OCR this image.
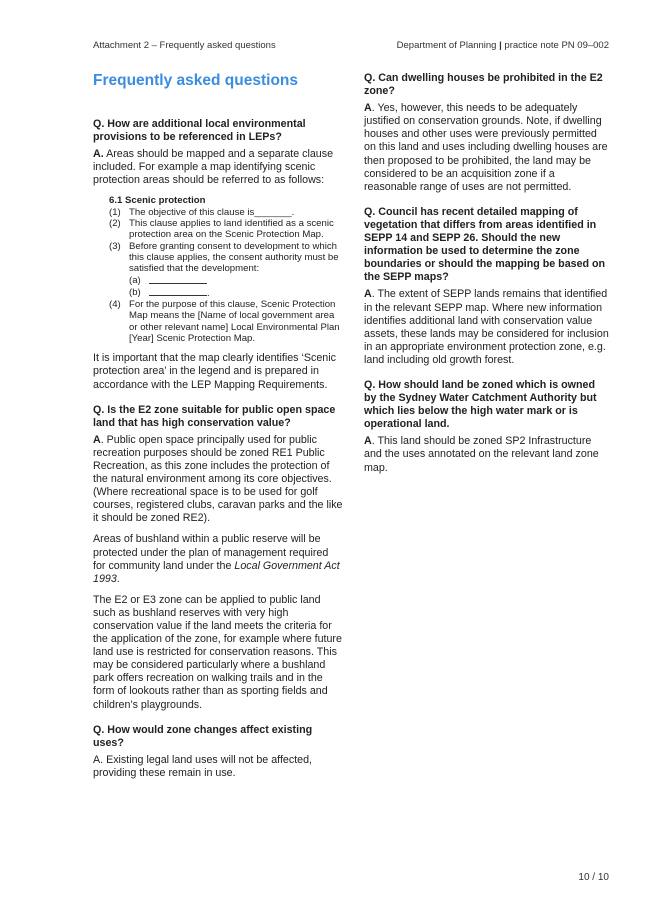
Attachment 2 – Frequently asked questions	Department of Planning | practice note PN 09–002
Frequently asked questions
Q. How are additional local environmental provisions to be referenced in LEPs?

A. Areas should be mapped and a separate clause included. For example a map identifying scenic protection areas should be referred to as follows:

6.1 Scenic protection
(1) The objective of this clause is_______.
(2) This clause applies to land identified as a scenic protection area on the Scenic Protection Map.
(3) Before granting consent to development to which this clause applies, the consent authority must be satisfied that the development:
(a)
(b)	.
(4) For the purpose of this clause, Scenic Protection Map means the [Name of local government area or other relevant name] Local Environmental Plan [Year] Scenic Protection Map.

It is important that the map clearly identifies ‘Scenic protection area’ in the legend and is prepared in accordance with the LEP Mapping Requirements.

Q. Is the E2 zone suitable for public open space land that has high conservation value?

A. Public open space principally used for public recreation purposes should be zoned RE1 Public Recreation, as this zone includes the protection of the natural environment among its core objectives. (Where recreational space is to be used for golf courses, registered clubs, caravan parks and the like it should be zoned RE2).

Areas of bushland within a public reserve will be protected under the plan of management required for community land under the Local Government Act 1993.

The E2 or E3 zone can be applied to public land such as bushland reserves with very high conservation value if the land meets the criteria for the application of the zone, for example where future land use is restricted for conservation reasons. This may be considered particularly where a bushland park offers recreation on walking trails and in the form of lookouts rather than as sporting fields and children’s playgrounds.

Q. How would zone changes affect existing uses?

A. Existing legal land uses will not be affected, providing these remain in use.

Q. Can dwelling houses be prohibited in the E2 zone?

A. Yes, however, this needs to be adequately justified on conservation grounds. Note, if dwelling houses and other uses were previously permitted on this land and uses including dwelling houses are then proposed to be prohibited, the land may be considered to be an acquisition zone if a reasonable range of uses are not permitted.

Q. Council has recent detailed mapping of vegetation that differs from areas identified in SEPP 14 and SEPP 26. Should the new information be used to determine the zone boundaries or should the mapping be based on the SEPP maps?

A. The extent of SEPP lands remains that identified in the relevant SEPP map. Where new information identifies additional land with conservation value assets, these lands may be considered for inclusion in an appropriate environment protection zone, e.g. land including old growth forest.

Q. How should land be zoned which is owned by the Sydney Water Catchment Authority but which lies below the high water mark or is operational land.

A. This land should be zoned SP2 Infrastructure and the uses annotated on the relevant land zone map.

10 / 10
